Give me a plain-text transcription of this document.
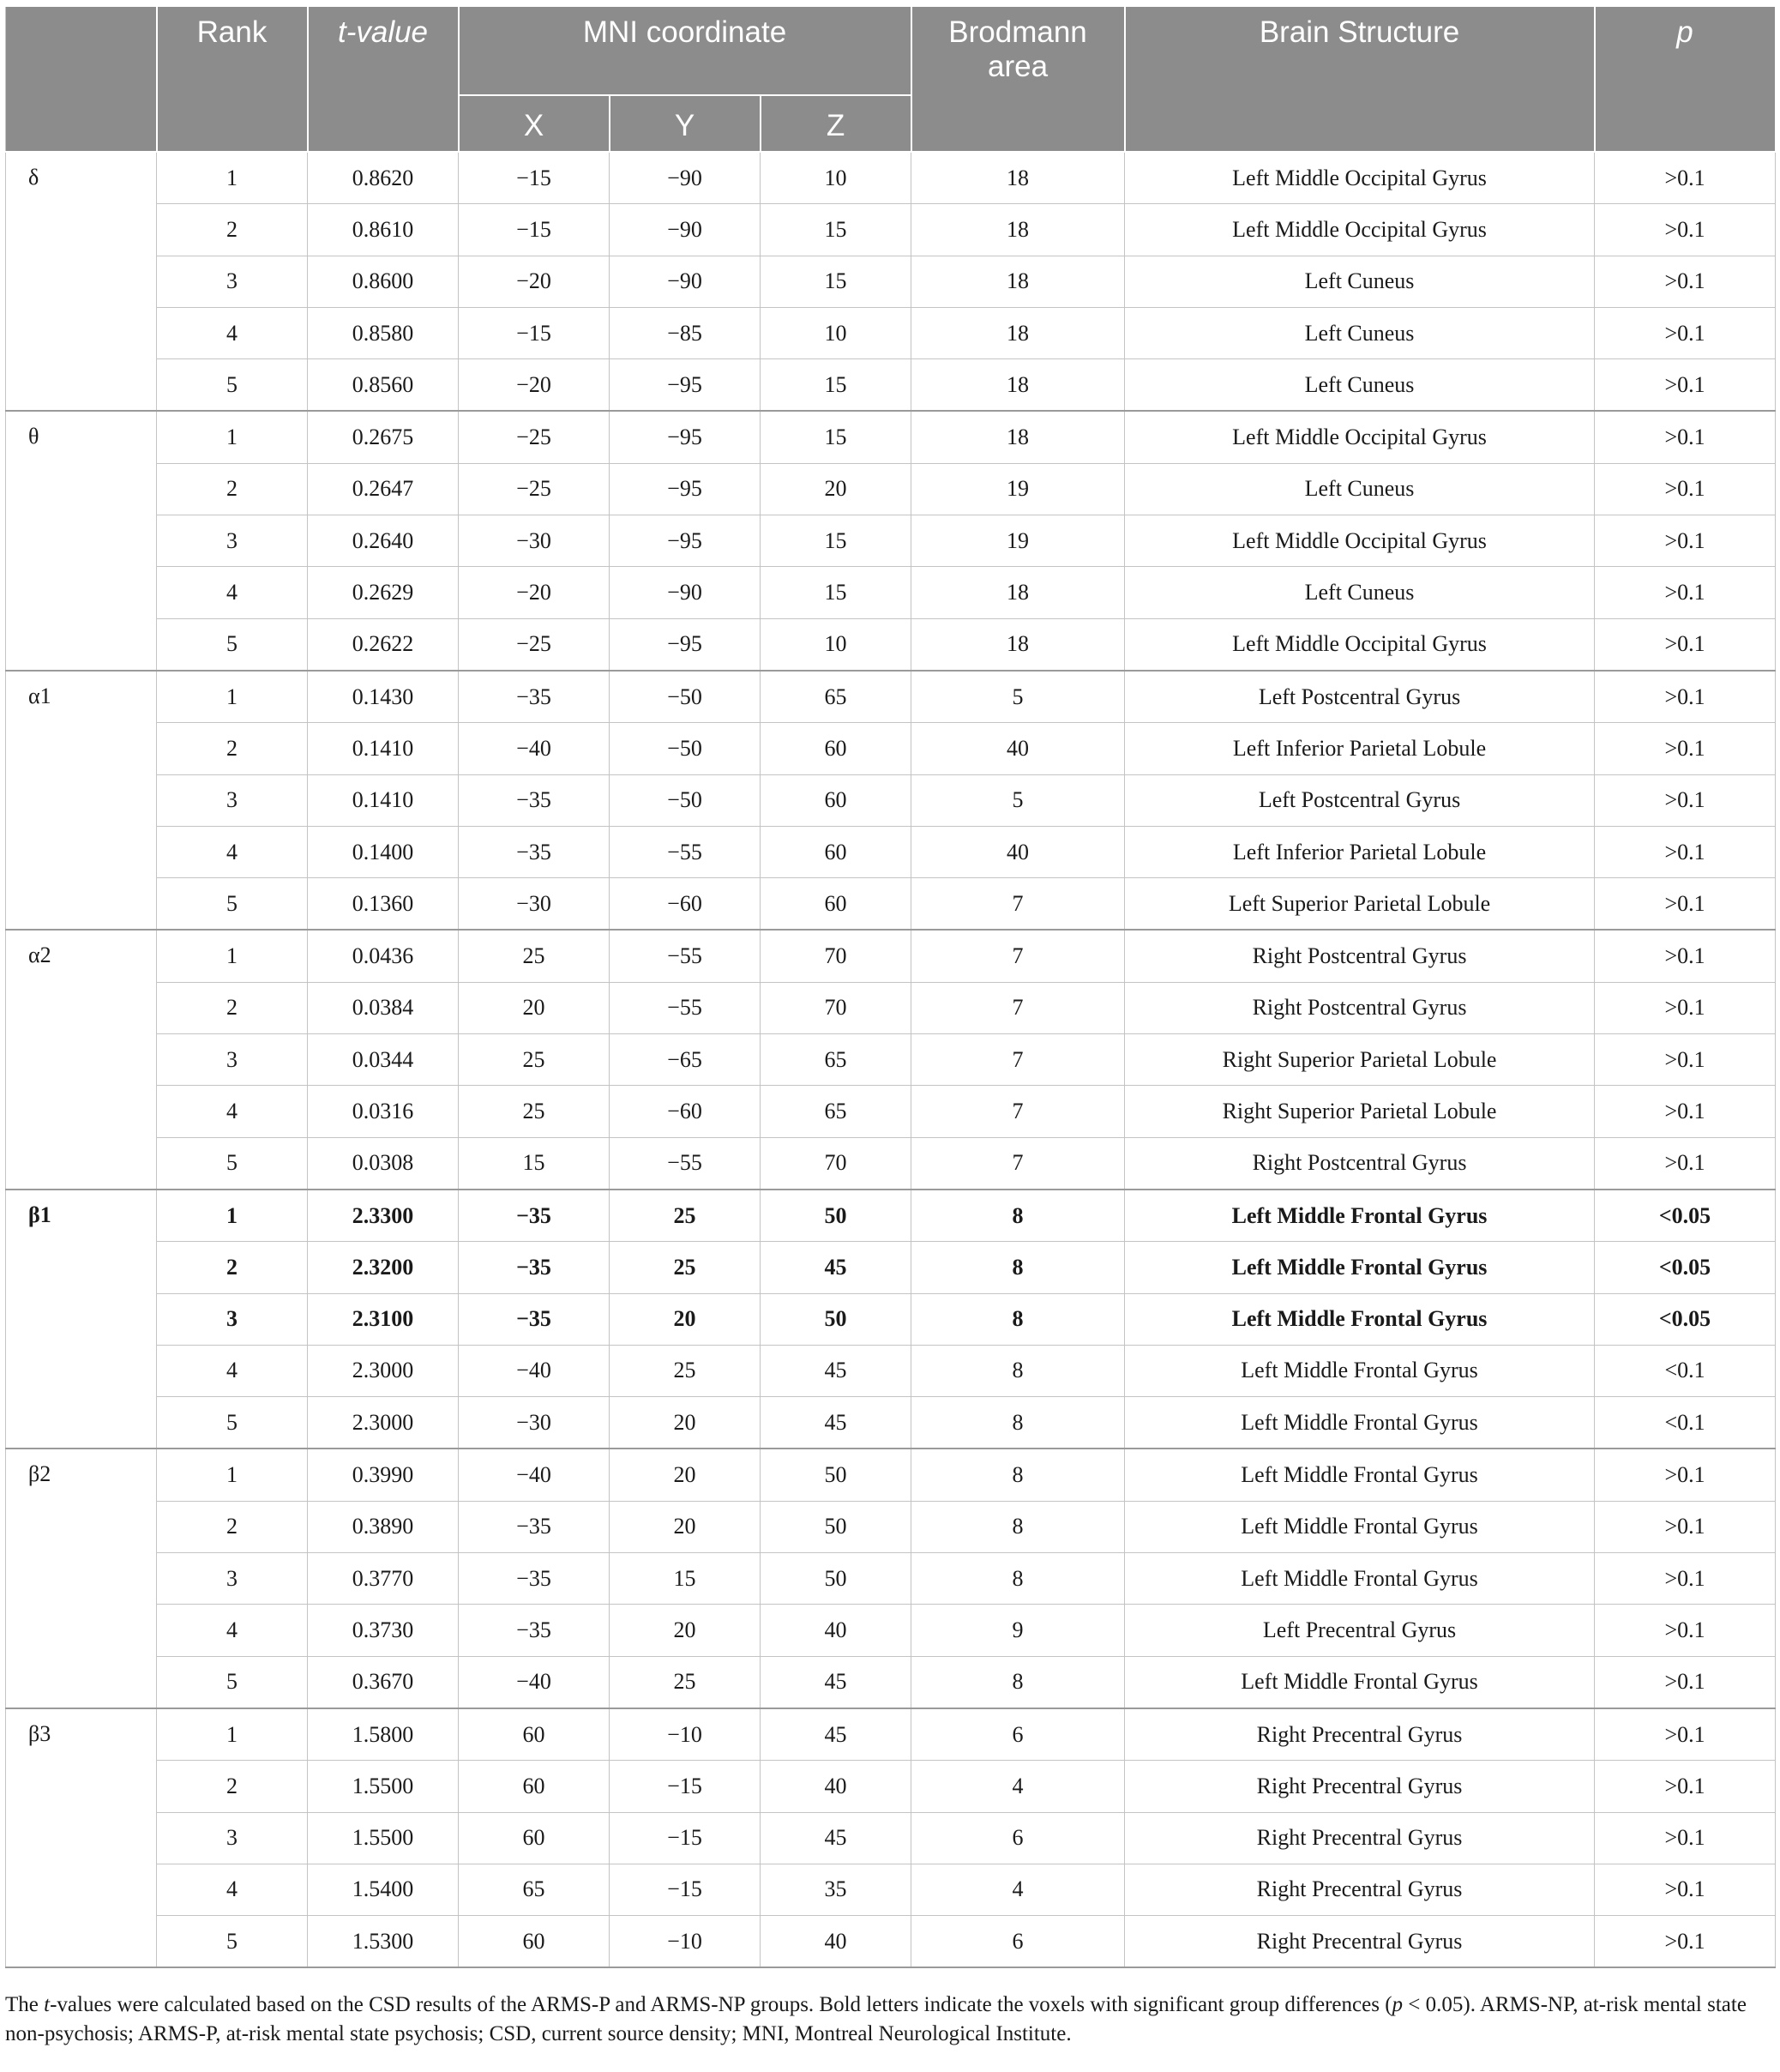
	Rank	t-value	MNI coordinate			Brodmann area	Brain Structure	p
			X	Y	Z			
δ	1	0.8620	−15	−90	10	18	Left Middle Occipital Gyrus	>0.1
	2	0.8610	−15	−90	15	18	Left Middle Occipital Gyrus	>0.1
	3	0.8600	−20	−90	15	18	Left Cuneus	>0.1
	4	0.8580	−15	−85	10	18	Left Cuneus	>0.1
	5	0.8560	−20	−95	15	18	Left Cuneus	>0.1
θ	1	0.2675	−25	−95	15	18	Left Middle Occipital Gyrus	>0.1
	2	0.2647	−25	−95	20	19	Left Cuneus	>0.1
	3	0.2640	−30	−95	15	19	Left Middle Occipital Gyrus	>0.1
	4	0.2629	−20	−90	15	18	Left Cuneus	>0.1
	5	0.2622	−25	−95	10	18	Left Middle Occipital Gyrus	>0.1
α1	1	0.1430	−35	−50	65	5	Left Postcentral Gyrus	>0.1
	2	0.1410	−40	−50	60	40	Left Inferior Parietal Lobule	>0.1
	3	0.1410	−35	−50	60	5	Left Postcentral Gyrus	>0.1
	4	0.1400	−35	−55	60	40	Left Inferior Parietal Lobule	>0.1
	5	0.1360	−30	−60	60	7	Left Superior Parietal Lobule	>0.1
α2	1	0.0436	25	−55	70	7	Right Postcentral Gyrus	>0.1
	2	0.0384	20	−55	70	7	Right Postcentral Gyrus	>0.1
	3	0.0344	25	−65	65	7	Right Superior Parietal Lobule	>0.1
	4	0.0316	25	−60	65	7	Right Superior Parietal Lobule	>0.1
	5	0.0308	15	−55	70	7	Right Postcentral Gyrus	>0.1
β1	1	2.3300	−35	25	50	8	Left Middle Frontal Gyrus	<0.05
	2	2.3200	−35	25	45	8	Left Middle Frontal Gyrus	<0.05
	3	2.3100	−35	20	50	8	Left Middle Frontal Gyrus	<0.05
	4	2.3000	−40	25	45	8	Left Middle Frontal Gyrus	<0.1
	5	2.3000	−30	20	45	8	Left Middle Frontal Gyrus	<0.1
β2	1	0.3990	−40	20	50	8	Left Middle Frontal Gyrus	>0.1
	2	0.3890	−35	20	50	8	Left Middle Frontal Gyrus	>0.1
	3	0.3770	−35	15	50	8	Left Middle Frontal Gyrus	>0.1
	4	0.3730	−35	20	40	9	Left Precentral Gyrus	>0.1
	5	0.3670	−40	25	45	8	Left Middle Frontal Gyrus	>0.1
β3	1	1.5800	60	−10	45	6	Right Precentral Gyrus	>0.1
	2	1.5500	60	−15	40	4	Right Precentral Gyrus	>0.1
	3	1.5500	60	−15	45	6	Right Precentral Gyrus	>0.1
	4	1.5400	65	−15	35	4	Right Precentral Gyrus	>0.1
	5	1.5300	60	−10	40	6	Right Precentral Gyrus	>0.1
The t-values were calculated based on the CSD results of the ARMS-P and ARMS-NP groups. Bold letters indicate the voxels with significant group differences (p < 0.05). ARMS-NP, at-risk mental state non-psychosis; ARMS-P, at-risk mental state psychosis; CSD, current source density; MNI, Montreal Neurological Institute.
